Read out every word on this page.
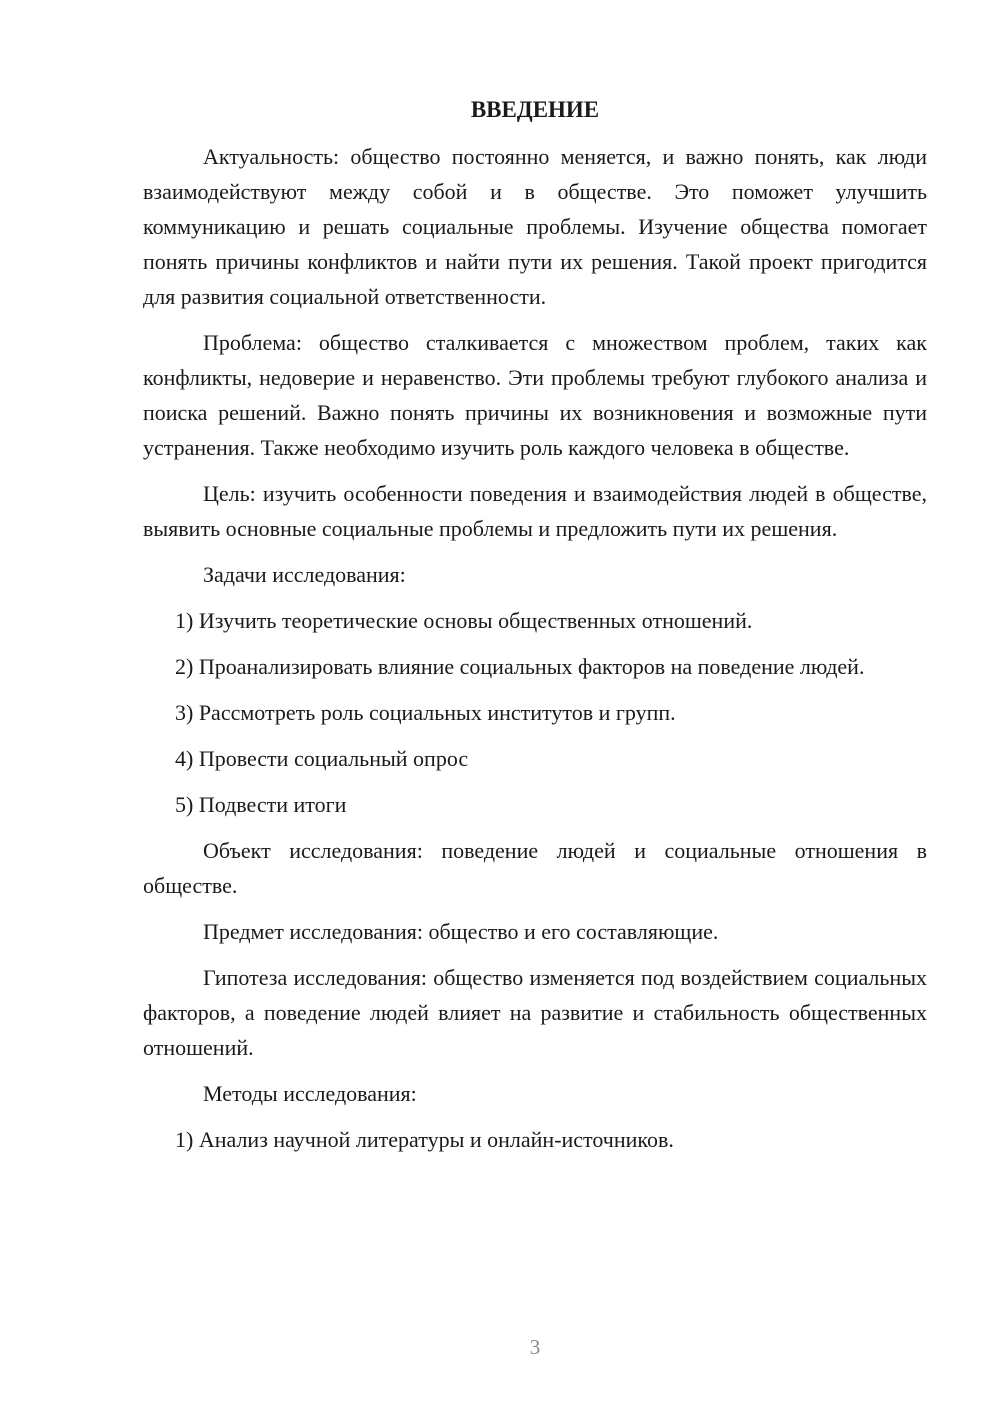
ВВЕДЕНИЕ

Актуальность: общество постоянно меняется, и важно понять, как люди взаимодействуют между собой и в обществе. Это поможет улучшить коммуникацию и решать социальные проблемы. Изучение общества помогает понять причины конфликтов и найти пути их решения. Такой проект пригодится для развития социальной ответственности.

Проблема: общество сталкивается с множеством проблем, таких как конфликты, недоверие и неравенство. Эти проблемы требуют глубокого анализа и поиска решений. Важно понять причины их возникновения и возможные пути устранения. Также необходимо изучить роль каждого человека в обществе.

Цель: изучить особенности поведения и взаимодействия людей в обществе, выявить основные социальные проблемы и предложить пути их решения.

Задачи исследования:

1) Изучить теоретические основы общественных отношений.

2) Проанализировать влияние социальных факторов на поведение людей.

3) Рассмотреть роль социальных институтов и групп.

4) Провести социальный опрос

5) Подвести итоги

Объект исследования: поведение людей и социальные отношения в обществе.

Предмет исследования: общество и его составляющие.

Гипотеза исследования: общество изменяется под воздействием социальных факторов, а поведение людей влияет на развитие и стабильность общественных отношений.

Методы исследования:

1) Анализ научной литературы и онлайн-источников.

3
